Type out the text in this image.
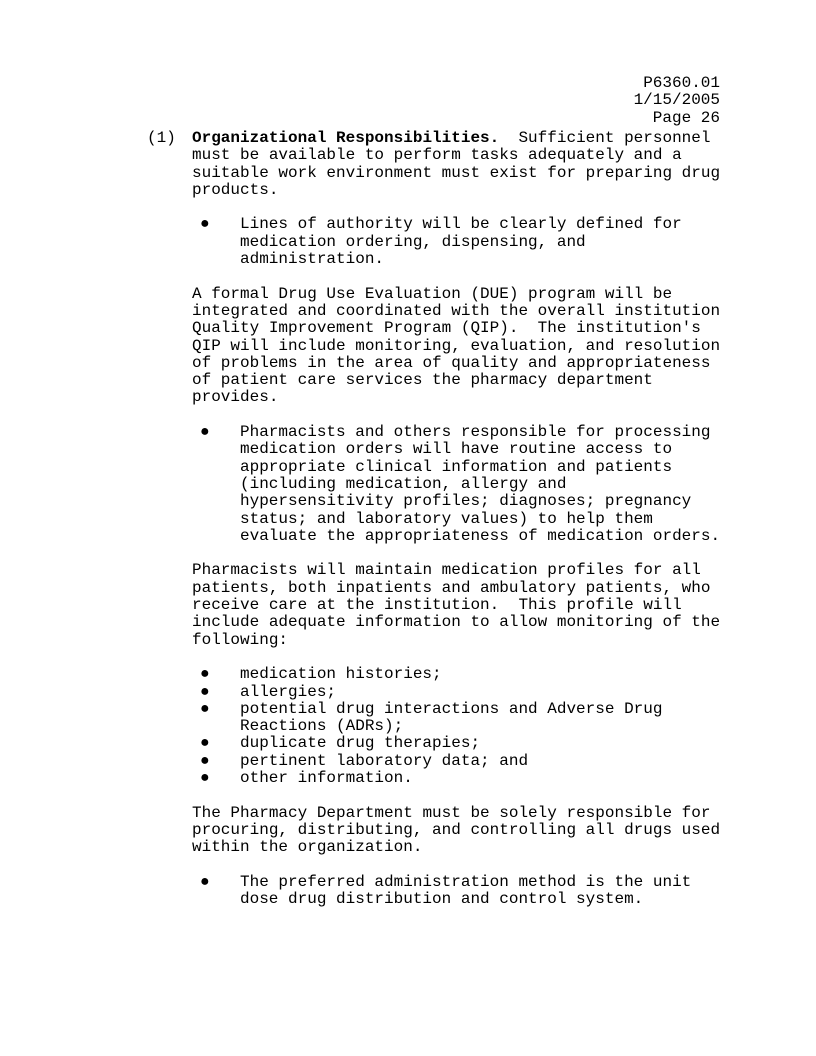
P6360.01
1/15/2005
Page 26
(1) Organizational Responsibilities.  Sufficient personnel
must be available to perform tasks adequately and a
suitable work environment must exist for preparing drug
products.
● Lines of authority will be clearly defined for
medication ordering, dispensing, and
administration.
A formal Drug Use Evaluation (DUE) program will be
integrated and coordinated with the overall institution
Quality Improvement Program (QIP).  The institution's
QIP will include monitoring, evaluation, and resolution
of problems in the area of quality and appropriateness
of patient care services the pharmacy department
provides.
● Pharmacists and others responsible for processing
medication orders will have routine access to
appropriate clinical information and patients
(including medication, allergy and
hypersensitivity profiles; diagnoses; pregnancy
status; and laboratory values) to help them
evaluate the appropriateness of medication orders.
Pharmacists will maintain medication profiles for all
patients, both inpatients and ambulatory patients, who
receive care at the institution.  This profile will
include adequate information to allow monitoring of the
following:
● medication histories;
● allergies;
● potential drug interactions and Adverse Drug
Reactions (ADRs);
● duplicate drug therapies;
● pertinent laboratory data; and
● other information.
The Pharmacy Department must be solely responsible for
procuring, distributing, and controlling all drugs used
within the organization.
● The preferred administration method is the unit
dose drug distribution and control system.
